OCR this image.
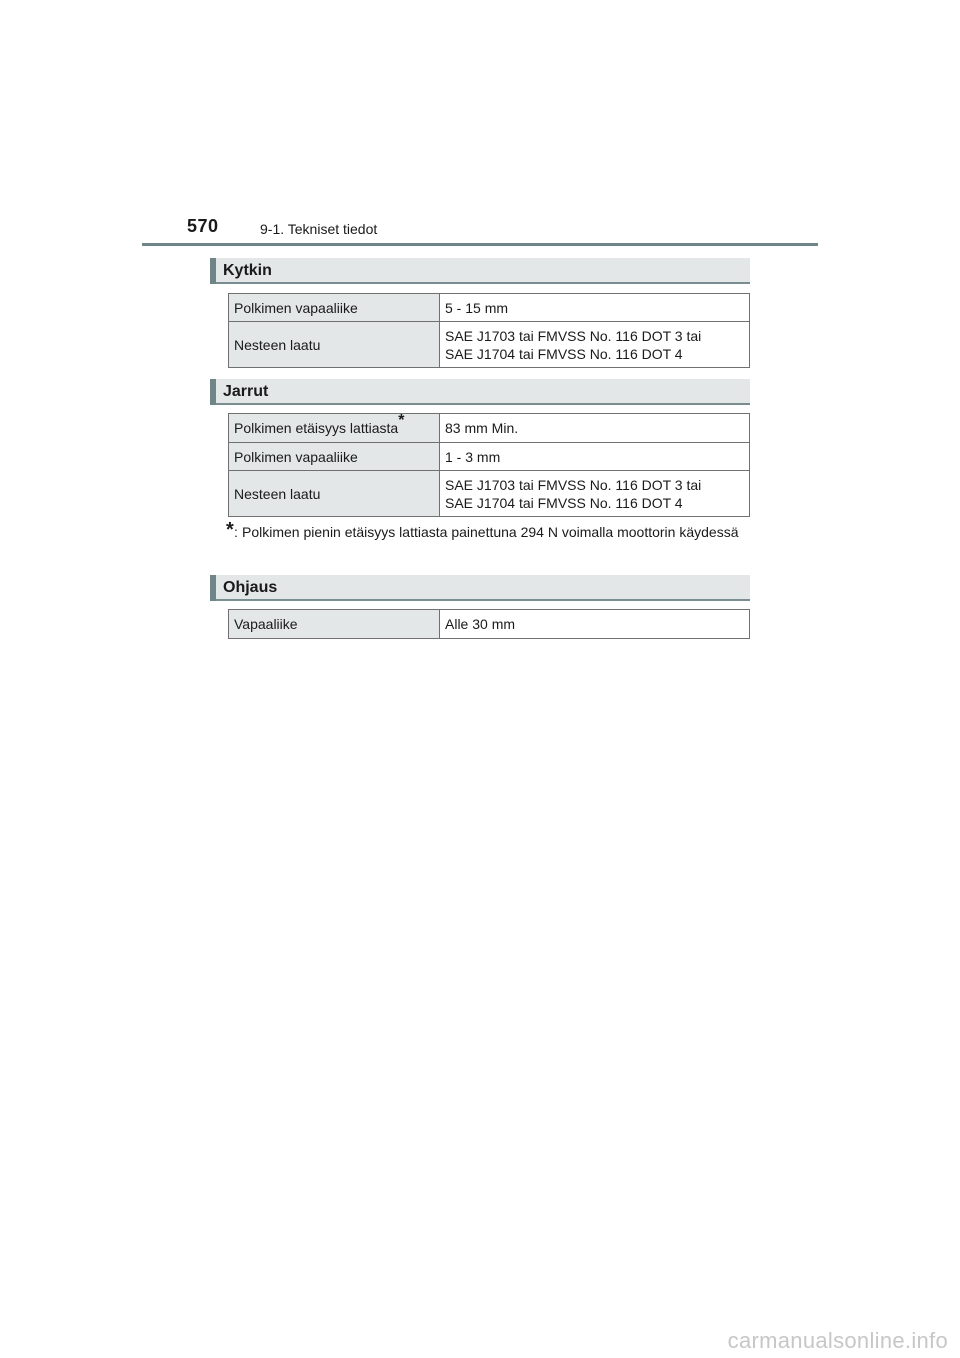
570	9-1. Tekniset tiedot
Kytkin
Polkimen vapaaliike	5 - 15 mm

Nesteen laatu	SAE J1703 tai FMVSS No. 116 DOT 3 tai
SAE J1704 tai FMVSS No. 116 DOT 4
Jarrut
Polkimen etäisyys lattiasta*	83 mm Min.

Polkimen vapaaliike	1 - 3 mm

Nesteen laatu	SAE J1703 tai FMVSS No. 116 DOT 3 tai
SAE J1704 tai FMVSS No. 116 DOT 4
* : Polkimen pienin etäisyys lattiasta painettuna 294 N voimalla moottorin käydessä
Ohjaus
Vapaaliike	Alle 30 mm
carmanualsonline.info
